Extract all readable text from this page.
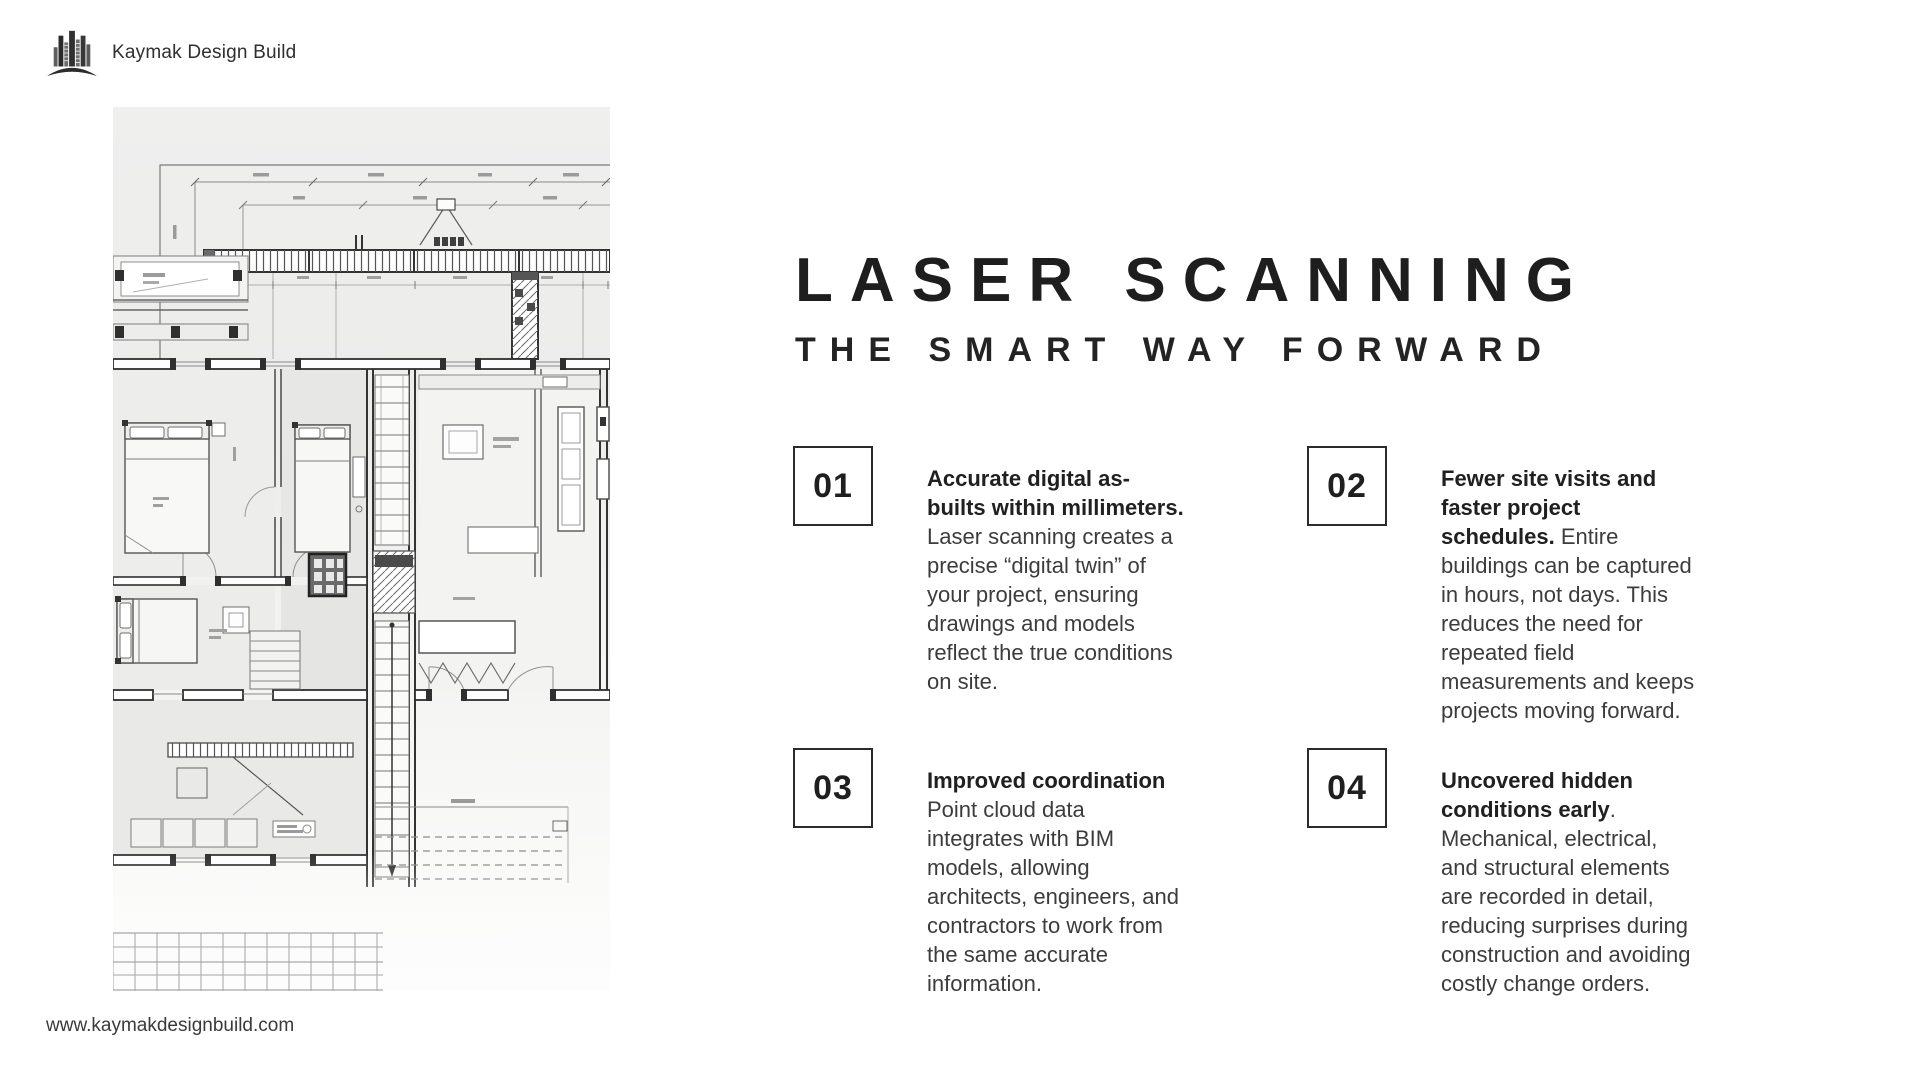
Kaymak Design Build
LASER SCANNING
THE SMART WAY FORWARD
01	Accurate digital as-builts within millimeters. Laser scanning creates a precise “digital twin” of your project, ensuring drawings and models reflect the true conditions on site.

02	Fewer site visits and faster project schedules. Entire buildings can be captured in hours, not days. This reduces the need for repeated field measurements and keeps projects moving forward.

03	Improved coordination Point cloud data integrates with BIM models, allowing architects, engineers, and contractors to work from the same accurate information.

04	Uncovered hidden conditions early. Mechanical, electrical, and structural elements are recorded in detail, reducing surprises during construction and avoiding costly change orders.

www.kaymakdesignbuild.com
